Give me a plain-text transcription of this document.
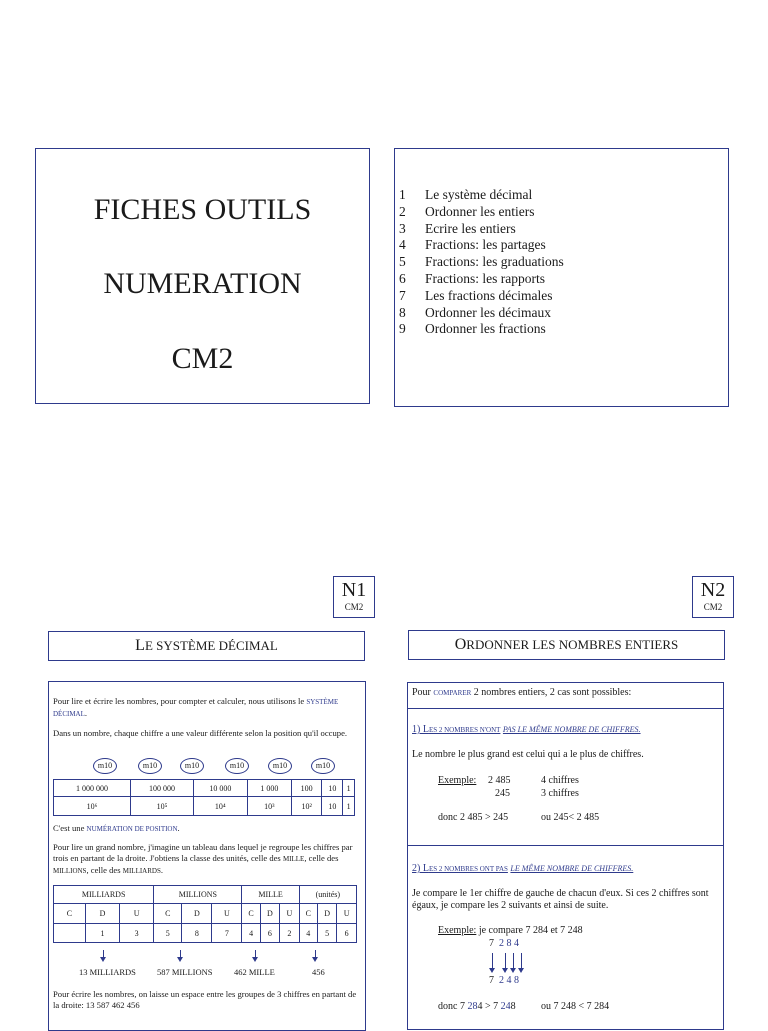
FICHES OUTILS
NUMERATION
CM2
1	Le système décimal
2	Ordonner les entiers
3	Ecrire les entiers
4	Fractions: les partages
5	Fractions: les graduations
6	Fractions: les rapports
7	Les fractions décimales
8	Ordonner les décimaux
9	Ordonner les fractions
N1
CM2
N2
CM2
LE SYSTÈME DÉCIMAL	ORDONNER LES NOMBRES ENTIERS

Pour lire et écrire les nombres, pour compter et calculer, nous utilisons le SYSTÈME DÉCIMAL.

Dans un nombre, chaque chiffre a une valeur différente selon la position qu'il occupe.

m10	m10	m10	m10	m10	m10
1 000 000	100 000	10 000	1 000	100	10	1
10⁶	10⁵	10⁴	10³	10²	10	1

C'est une NUMÉRATION DE POSITION.

Pour lire un grand nombre, j'imagine un tableau dans lequel je regroupe les chiffres par trois en partant de la droite. J'obtiens la classe des unités, celle des MILLE, celle des MILLIONS, celle des MILLIARDS.

MILLIARDS			MILLIONS			MILLE			(unités)		
C	D	U	C	D	U	C	D	U	C	D	U
	1	3	5	8	7	4	6	2	4	5	6
13 MILLIARDS 587 MILLIONS	462 MILLE	456

Pour écrire les nombres, on laisse un espace entre les groupes de 3 chiffres en partant de la droite: 13 587 462 456

Pour COMPARER 2 nombres entiers, 2 cas sont possibles:
1) LES 2 NOMBRES N'ONT PAS LE MÊME NOMBRE DE CHIFFRES.
Le nombre le plus grand est celui qui a le plus de chiffres.
Exemple: 2 485	4 chiffres
245	3 chiffres
donc 2 485 > 245	ou 245< 2 485
2) LES 2 NOMBRES ONT PAS LE MÊME NOMBRE DE CHIFFRES.
Je compare le 1er chiffre de gauche de chacun d'eux. Si ces 2 chiffres sont égaux, je compare les 2 suivants et ainsi de suite.
Exemple: je compare 7 284 et 7 248
7 2 8 4
7 2 4 8
donc 7 284 > 7 248	ou 7 248 < 7 284
